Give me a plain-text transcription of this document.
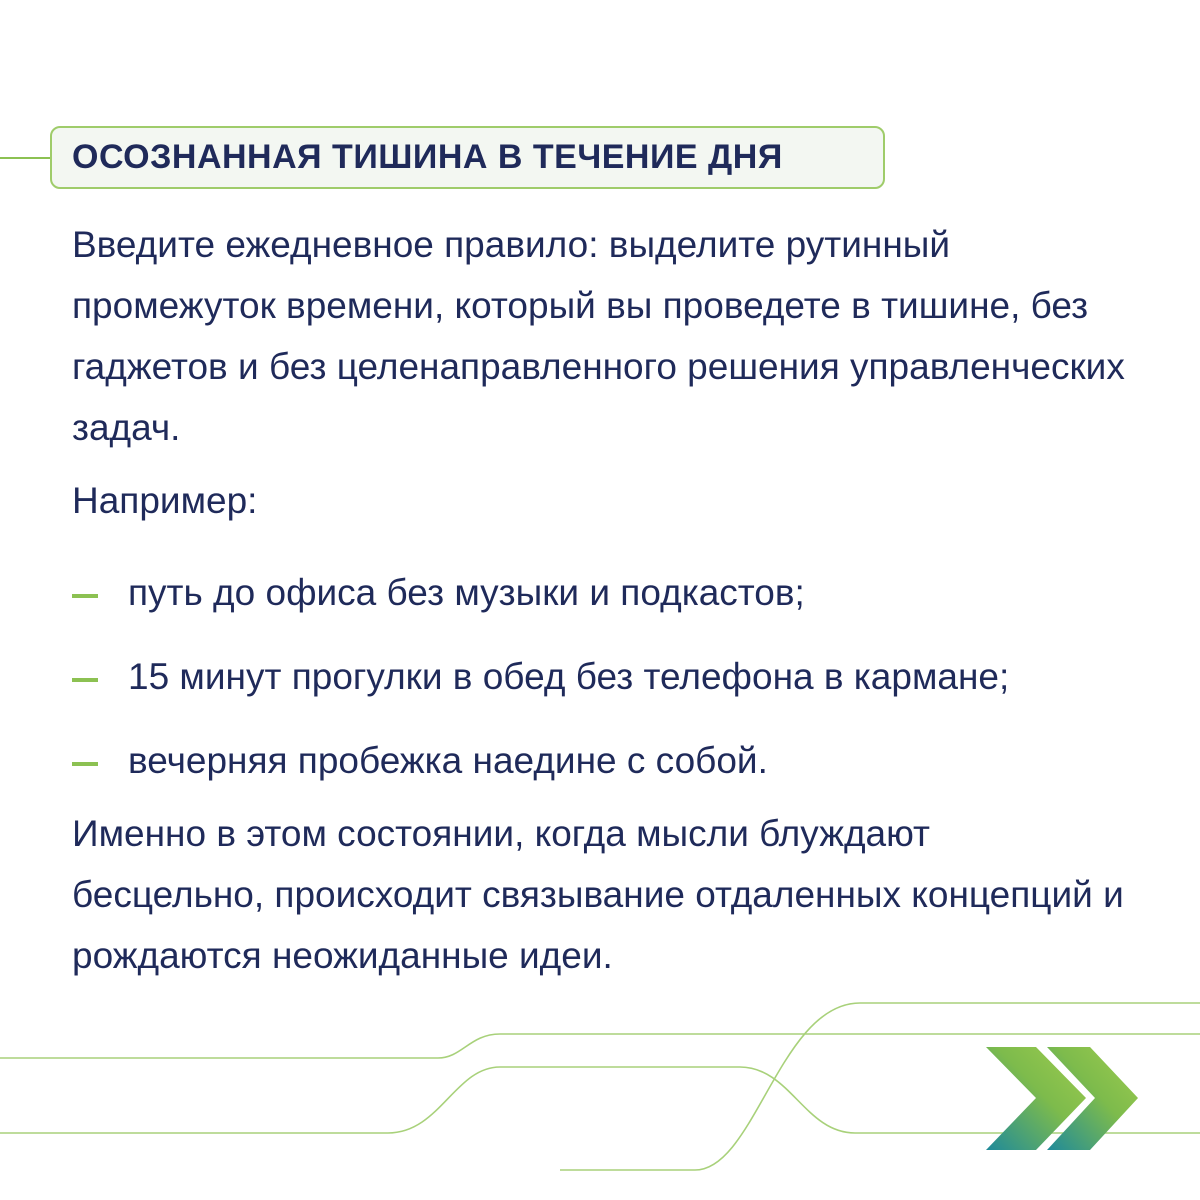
ОСОЗНАННАЯ ТИШИНА В ТЕЧЕНИЕ ДНЯ
Введите ежедневное правило: выделите рутинный промежуток времени, который вы проведете в тишине, без гаджетов и без целенаправленного решения управленческих задач.
Например:
путь до офиса без музыки и подкастов;
15 минут прогулки в обед без телефона в кармане;
вечерняя пробежка наедине с собой.
Именно в этом состоянии, когда мысли блуждают бесцельно, происходит связывание отдаленных концепций и рождаются неожиданные идеи.
